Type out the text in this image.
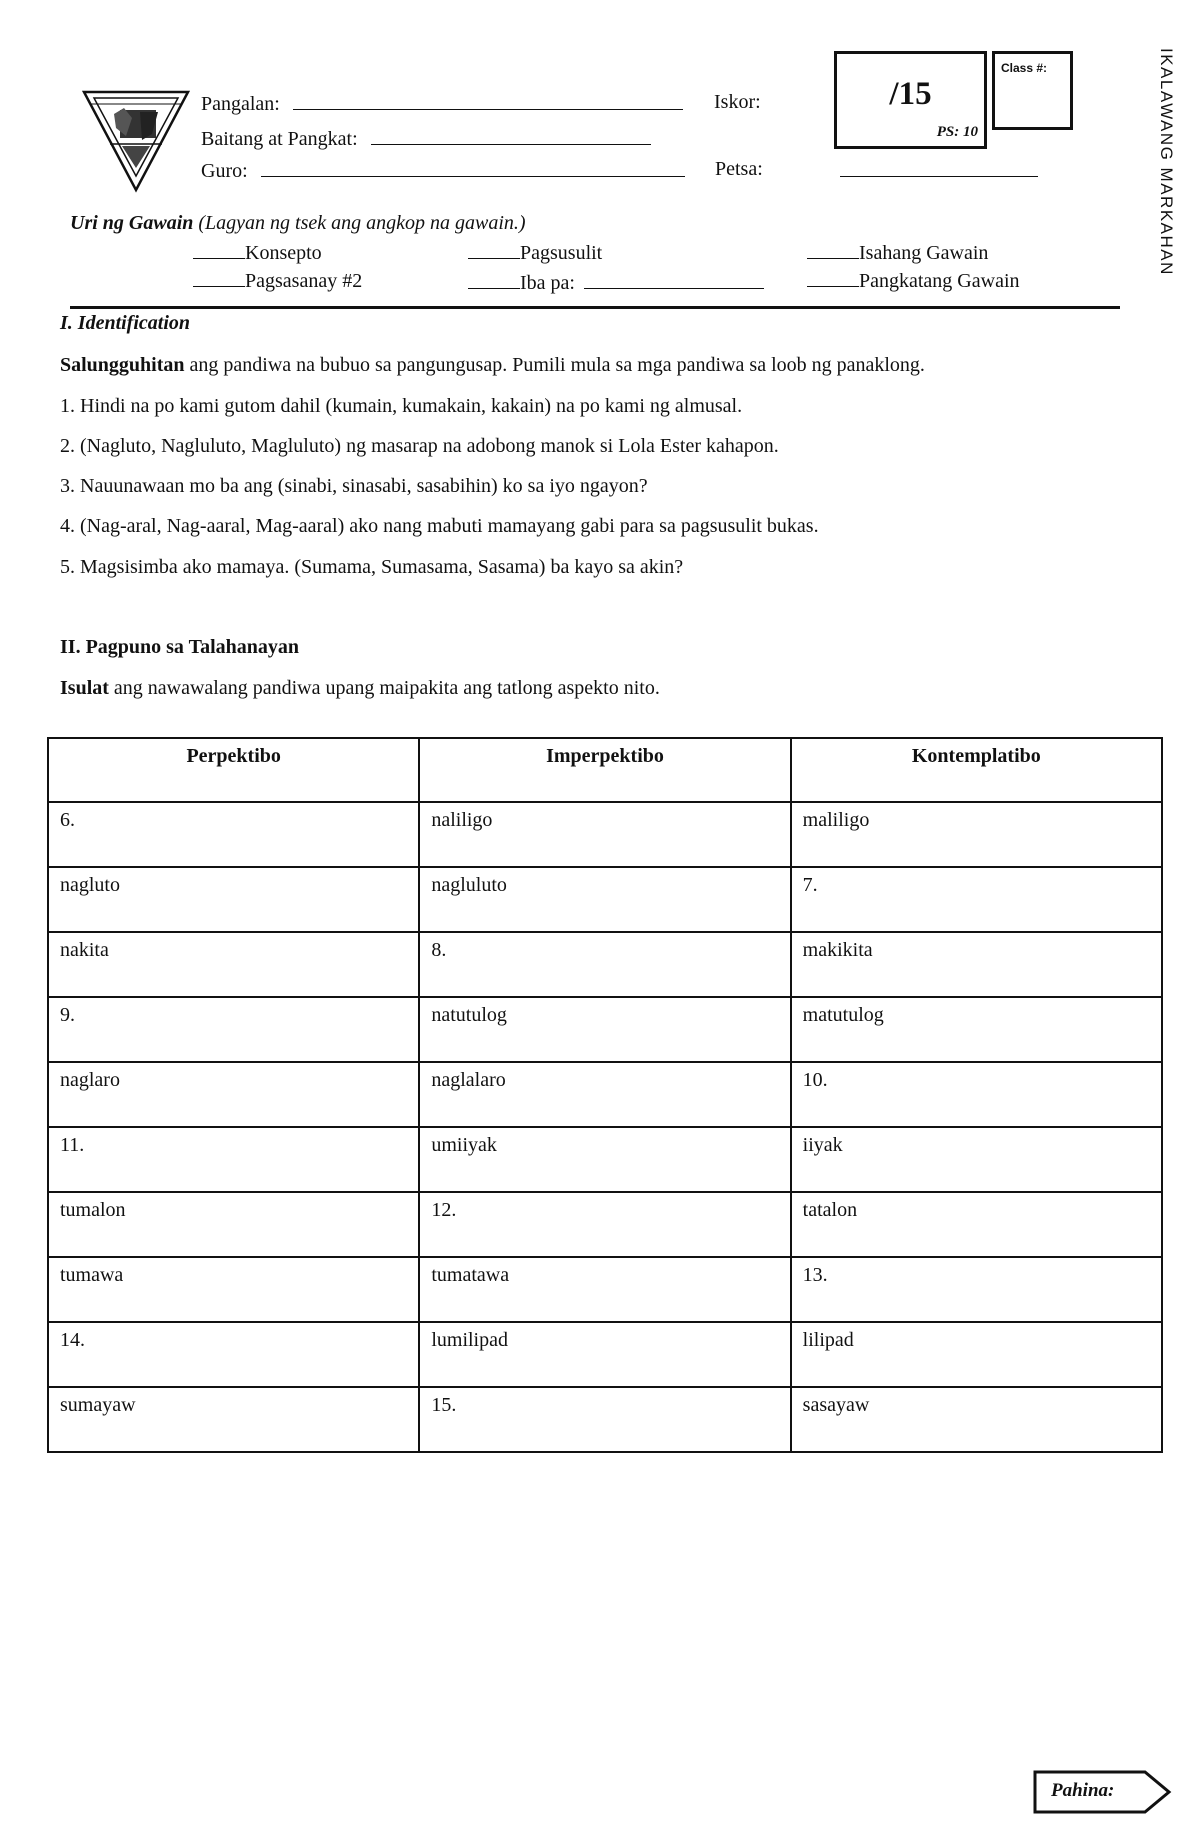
Pangalan:	Iskor:
Baitang at Pangkat:
Guro:	Petsa:
/15
PS: 10
Class #:	IKALAWANG MARKAHAN
Uri ng Gawain (Lagyan ng tsek ang angkop na gawain.)
Konsepto	Pagsusulit	Isahang Gawain
Pagsasanay #2	Iba pa:	Pangkatang Gawain
I. Identification
Salungguhitan ang pandiwa na bubuo sa pangungusap. Pumili mula sa mga pandiwa sa loob ng panaklong.
1. Hindi na po kami gutom dahil (kumain, kumakain, kakain) na po kami ng almusal.
2. (Nagluto, Nagluluto, Magluluto) ng masarap na adobong manok si Lola Ester kahapon.
3. Nauunawaan mo ba ang (sinabi, sinasabi, sasabihin) ko sa iyo ngayon?
4. (Nag-aral, Nag-aaral, Mag-aaral) ako nang mabuti mamayang gabi para sa pagsusulit bukas.
5. Magsisimba ako mamaya. (Sumama, Sumasama, Sasama) ba kayo sa akin?
II. Pagpuno sa Talahanayan
Isulat ang nawawalang pandiwa upang maipakita ang tatlong aspekto nito.
Perpektibo	Imperpektibo	Kontemplatibo
6.	naliligo	maliligo
nagluto	nagluluto	7.
nakita	8.	makikita
9.	natutulog	matutulog
naglaro	naglalaro	10.
11.	umiiyak	iiyak
tumalon	12.	tatalon
tumawa	tumatawa	13.
14.	lumilipad	lilipad
sumayaw	15.	sasayaw
Pahina:
